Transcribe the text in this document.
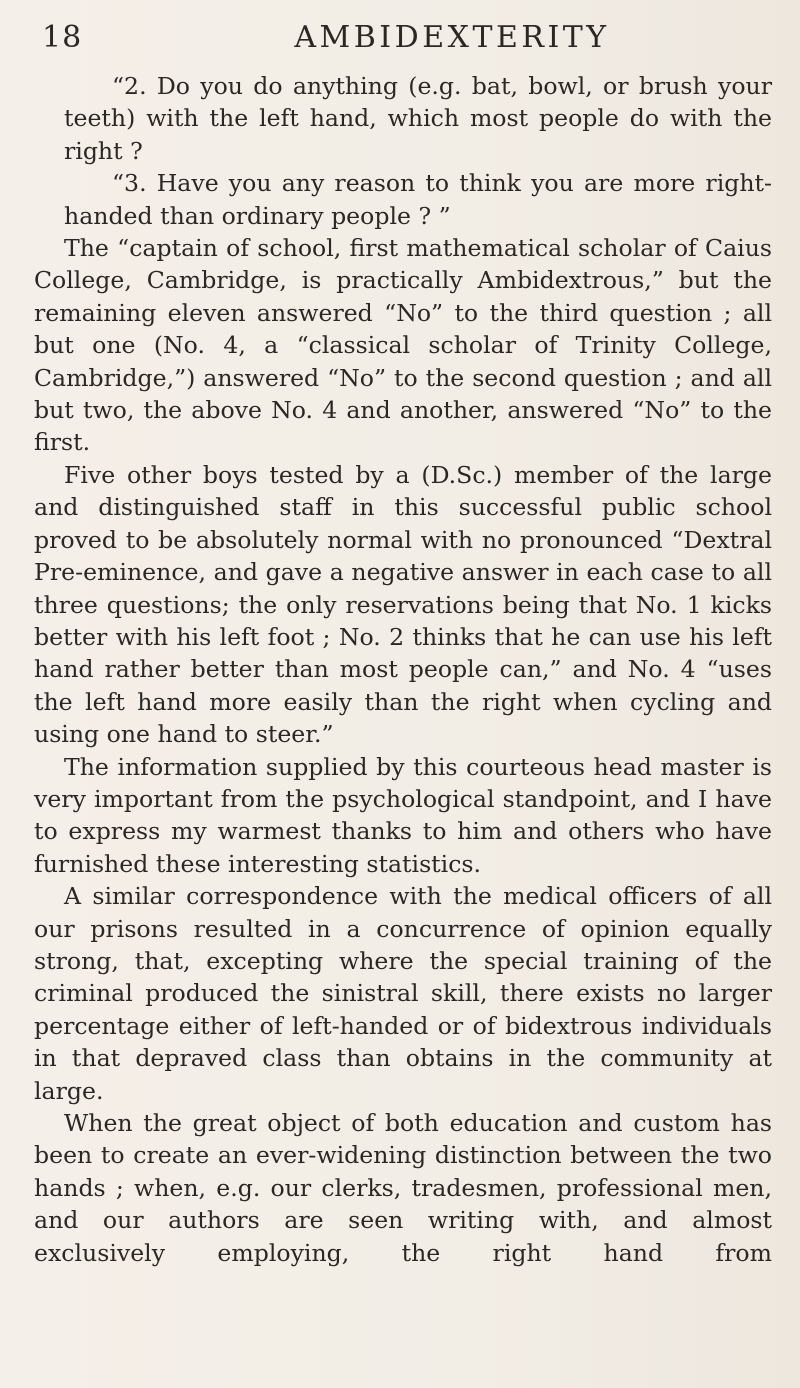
18	AMBIDEXTERITY

“2. Do you do anything (e.g. bat, bowl, or brush your teeth) with the left hand, which most people do with the right ?

“3. Have you any reason to think you are more right-handed than ordinary people ? ”

The “captain of school, first mathematical scholar of Caius College, Cambridge, is practically Ambidextrous,” but the remaining eleven answered “No” to the third question ; all but one (No. 4, a “classical scholar of Trinity College, Cambridge,”) answered “No” to the second question ; and all but two, the above No. 4 and another, answered “No” to the first.

Five other boys tested by a (D.Sc.) member of the large and distinguished staff in this successful public school proved to be absolutely normal with no pronounced “Dextral Pre-eminence, and gave a negative answer in each case to all three questions; the only reservations being that No. 1 kicks better with his left foot ; No. 2 thinks that he can use his left hand rather better than most people can,” and No. 4 “uses the left hand more easily than the right when cycling and using one hand to steer.”

The information supplied by this courteous head master is very important from the psychological standpoint, and I have to express my warmest thanks to him and others who have furnished these interesting statistics.

A similar correspondence with the medical officers of all our prisons resulted in a concurrence of opinion equally strong, that, excepting where the special training of the criminal produced the sinistral skill, there exists no larger percentage either of left-handed or of bidextrous individuals in that depraved class than obtains in the community at large.

When the great object of both education and custom has been to create an ever-widening distinction between the two hands ; when, e.g. our clerks, tradesmen, professional men, and our authors are seen writing with, and almost exclusively employing, the right hand from
